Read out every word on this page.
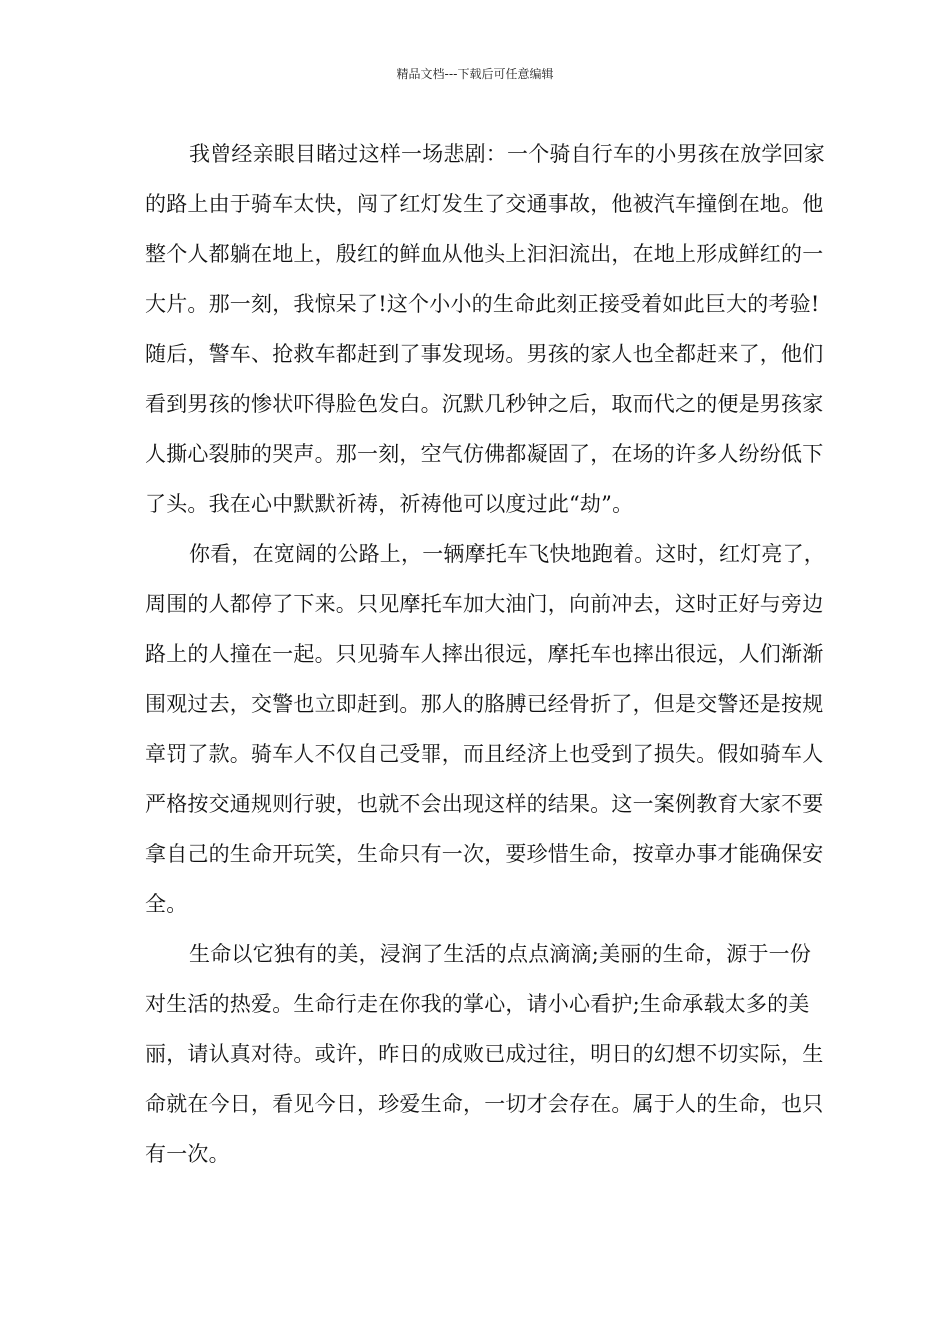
精品文档---下载后可任意编辑

我曾经亲眼目睹过这样一场悲剧：一个骑自行车的小男孩在放学回家的路上由于骑车太快，闯了红灯发生了交通事故，他被汽车撞倒在地。他整个人都躺在地上，殷红的鲜血从他头上汩汩流出，在地上形成鲜红的一大片。那一刻，我惊呆了!这个小小的生命此刻正接受着如此巨大的考验!随后，警车、抢救车都赶到了事发现场。男孩的家人也全都赶来了，他们看到男孩的惨状吓得脸色发白。沉默几秒钟之后，取而代之的便是男孩家人撕心裂肺的哭声。那一刻，空气仿佛都凝固了，在场的许多人纷纷低下了头。我在心中默默祈祷，祈祷他可以度过此“劫”。

你看，在宽阔的公路上，一辆摩托车飞快地跑着。这时，红灯亮了，周围的人都停了下来。只见摩托车加大油门，向前冲去，这时正好与旁边路上的人撞在一起。只见骑车人摔出很远，摩托车也摔出很远，人们渐渐围观过去，交警也立即赶到。那人的胳膊已经骨折了，但是交警还是按规章罚了款。骑车人不仅自己受罪，而且经济上也受到了损失。假如骑车人严格按交通规则行驶，也就不会出现这样的结果。这一案例教育大家不要拿自己的生命开玩笑，生命只有一次，要珍惜生命，按章办事才能确保安全。

生命以它独有的美，浸润了生活的点点滴滴;美丽的生命，源于一份对生活的热爱。生命行走在你我的掌心，请小心看护;生命承载太多的美丽，请认真对待。或许，昨日的成败已成过往，明日的幻想不切实际，生命就在今日，看见今日，珍爱生命，一切才会存在。属于人的生命，也只有一次。
